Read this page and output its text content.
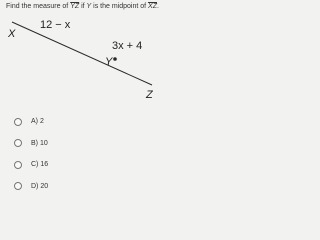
Find the measure of $\overline{YZ}$ if Y is the midpoint of $\overline{XZ}$.
X
12 − x
Y
3x + 4
Z
A) 2
B) 10
C) 16
D) 20
